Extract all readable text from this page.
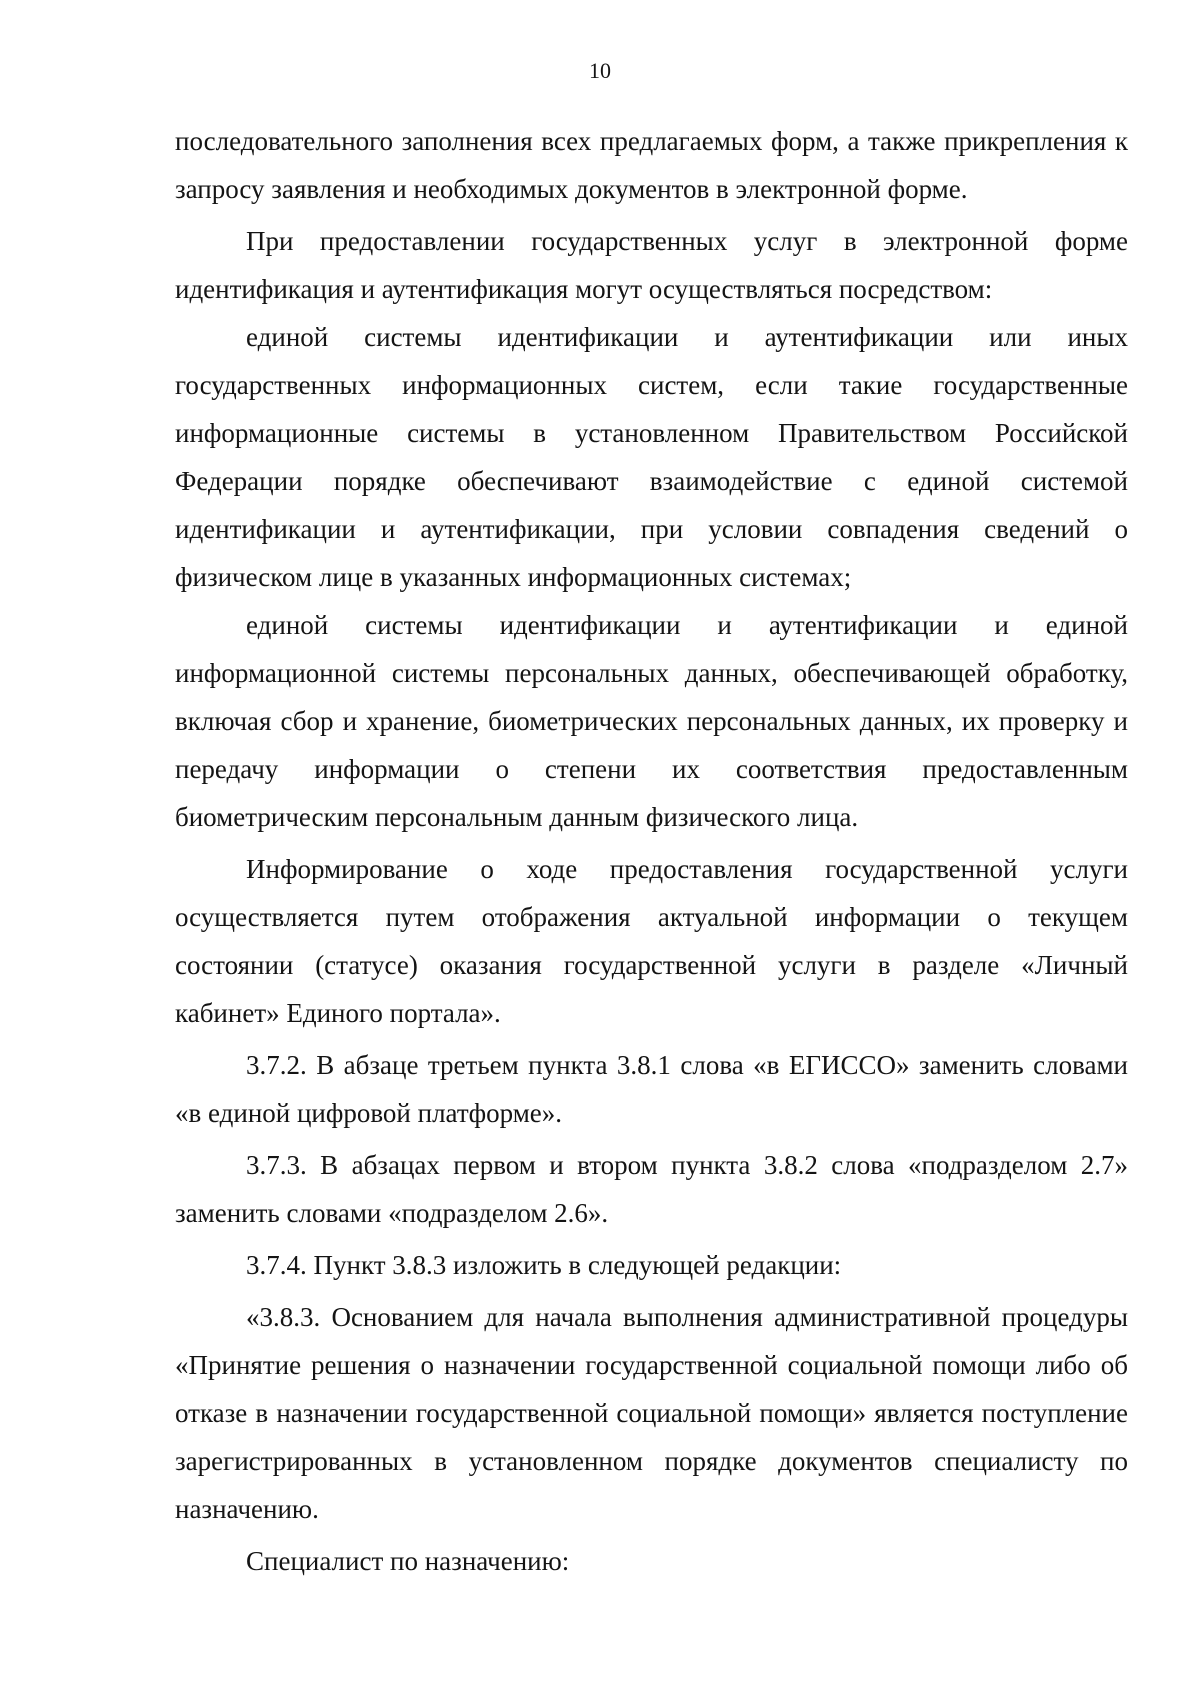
10

последовательного заполнения всех предлагаемых форм, а также прикрепления к запросу заявления и необходимых документов в электронной форме.

При предоставлении государственных услуг в электронной форме идентификация и аутентификация могут осуществляться посредством:

единой системы идентификации и аутентификации или иных государственных информационных систем, если такие государственные информационные системы в установленном Правительством Российской Федерации порядке обеспечивают взаимодействие с единой системой идентификации и аутентификации, при условии совпадения сведений о физическом лице в указанных информационных системах;

единой системы идентификации и аутентификации и единой информационной системы персональных данных, обеспечивающей обработку, включая сбор и хранение, биометрических персональных данных, их проверку и передачу информации о степени их соответствия предоставленным биометрическим персональным данным физического лица.

Информирование о ходе предоставления государственной услуги осуществляется путем отображения актуальной информации о текущем состоянии (статусе) оказания государственной услуги в разделе «Личный кабинет» Единого портала».

3.7.2. В абзаце третьем пункта 3.8.1 слова «в ЕГИССО» заменить словами «в единой цифровой платформе».

3.7.3. В абзацах первом и втором пункта 3.8.2 слова «подразделом 2.7» заменить словами «подразделом 2.6».

3.7.4. Пункт 3.8.3 изложить в следующей редакции:

«3.8.3. Основанием для начала выполнения административной процедуры «Принятие решения о назначении государственной социальной помощи либо об отказе в назначении государственной социальной помощи» является поступление зарегистрированных в установленном порядке документов специалисту по назначению.

Специалист по назначению:
